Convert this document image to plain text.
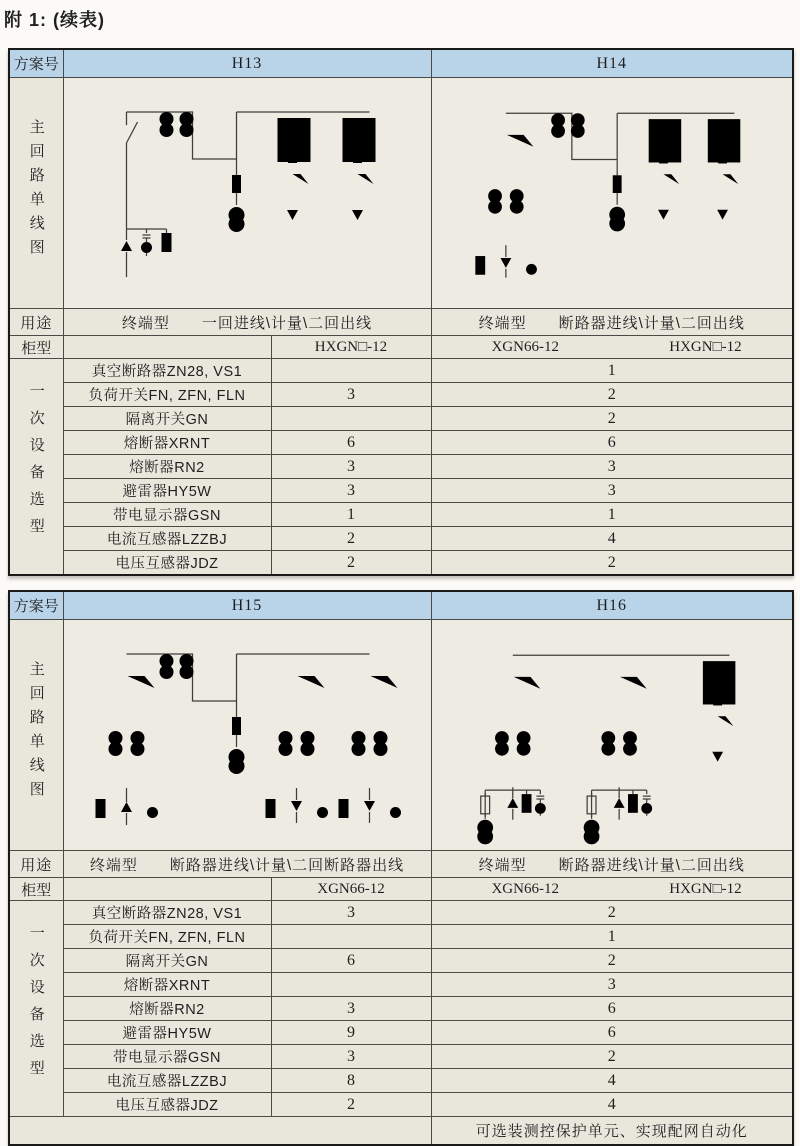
附 1: (续表)
方案号	H13		H14
主回路单线图	

用途	终端型　　一回进线\计量\二回出线		终端型　　断路器进线\计量\二回出线
柜型		HXGN□-12	XGN66-12 HXGN□-12

一次设备选型	真空断路器ZN28, VS1		1
	负荷开关FN, ZFN, FLN	3	2
	隔离开关GN		2
	熔断器XRNT	6	6
	熔断器RN2	3	3
	避雷器HY5W	3	3
	带电显示器GSN	1	1
	电流互感器LZZBJ	2	4
	电压互感器JDZ	2	2
方案号	H15		H16
主回路单线图	

用途	终端型　　断路器进线\计量\二回断路器出线		终端型　　断路器进线\计量\二回出线
柜型		XGN66-12	XGN66-12 HXGN□-12

一次设备选型	真空断路器ZN28, VS1	3	2
	负荷开关FN, ZFN, FLN		1
	隔离开关GN	6	2
	熔断器XRNT		3
	熔断器RN2	3	6
	避雷器HY5W	9	6
	带电显示器GSN	3	2
	电流互感器LZZBJ	8	4
	电压互感器JDZ	2	4
			可选装测控保护单元、实现配网自动化
